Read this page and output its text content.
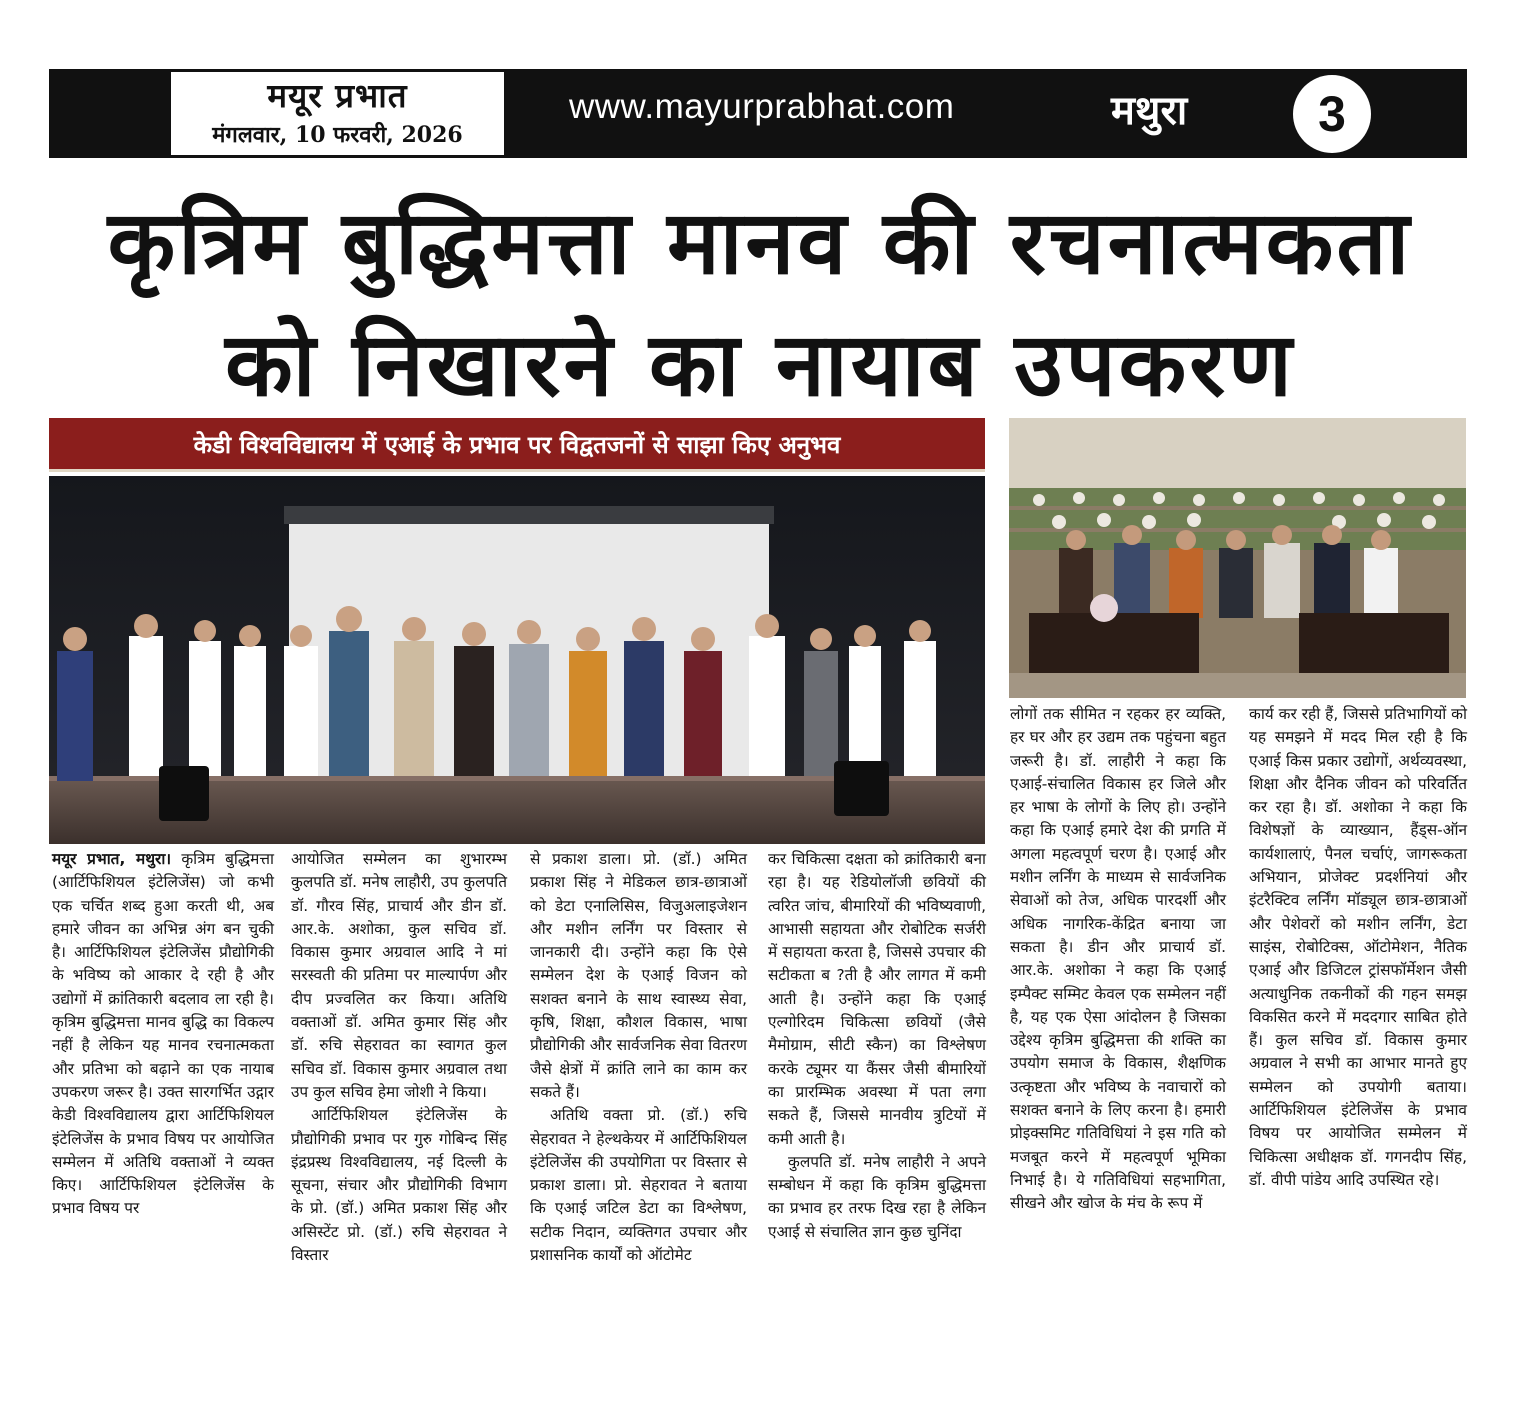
मयूर प्रभात
मंगलवार, 10 फरवरी, 2026
www.mayurprabhat.com	मथुरा	3
कृत्रिम बुद्धिमत्ता मानव की रचनात्मकता
को निखारने का नायाब उपकरण
केडी विश्वविद्यालय में एआई के प्रभाव पर विद्वतजनों से साझा किए अनुभव

मयूर प्रभात, मथुरा। कृत्रिम बुद्धिमत्ता (आर्टिफिशियल इंटेलिजेंस) जो कभी एक चर्चित शब्द हुआ करती थी, अब हमारे जीवन का अभिन्न अंग बन चुकी है। आर्टिफिशियल इंटेलिजेंस प्रौद्योगिकी के भविष्य को आकार दे रही है और उद्योगों में क्रांतिकारी बदलाव ला रही है। कृत्रिम बुद्धिमत्ता मानव बुद्धि का विकल्प नहीं है लेकिन यह मानव रचनात्मकता और प्रतिभा को बढ़ाने का एक नायाब उपकरण जरूर है। उक्त सारगर्भित उद्गार केडी विश्वविद्यालय द्वारा आर्टिफिशियल इंटेलिजेंस के प्रभाव विषय पर आयोजित सम्मेलन में अतिथि वक्ताओं ने व्यक्त किए। आर्टिफिशियल इंटेलिजेंस के प्रभाव विषय पर

आयोजित सम्मेलन का शुभारम्भ कुलपति डॉ. मनेष लाहौरी, उप कुलपति डॉ. गौरव सिंह, प्राचार्य और डीन डॉ. आर.के. अशोका, कुल सचिव डॉ. विकास कुमार अग्रवाल आदि ने मां सरस्वती की प्रतिमा पर माल्यार्पण और दीप प्रज्वलित कर किया। अतिथि वक्ताओं डॉ. अमित कुमार सिंह और डॉ. रुचि सेहरावत का स्वागत कुल सचिव डॉ. विकास कुमार अग्रवाल तथा उप कुल सचिव हेमा जोशी ने किया।

आर्टिफिशियल इंटेलिजेंस के प्रौद्योगिकी प्रभाव पर गुरु गोबिन्द सिंह इंद्रप्रस्थ विश्वविद्यालय, नई दिल्ली के सूचना, संचार और प्रौद्योगिकी विभाग के प्रो. (डॉ.) अमित प्रकाश सिंह और असिस्टेंट प्रो. (डॉ.) रुचि सेहरावत ने विस्तार

से प्रकाश डाला। प्रो. (डॉ.) अमित प्रकाश सिंह ने मेडिकल छात्र-छात्राओं को डेटा एनालिसिस, विजुअलाइजेशन और मशीन लर्निंग पर विस्तार से जानकारी दी। उन्होंने कहा कि ऐसे सम्मेलन देश के एआई विजन को सशक्त बनाने के साथ स्वास्थ्य सेवा, कृषि, शिक्षा, कौशल विकास, भाषा प्रौद्योगिकी और सार्वजनिक सेवा वितरण जैसे क्षेत्रों में क्रांति लाने का काम कर सकते हैं।

अतिथि वक्ता प्रो. (डॉ.) रुचि सेहरावत ने हेल्थकेयर में आर्टिफिशियल इंटेलिजेंस की उपयोगिता पर विस्तार से प्रकाश डाला। प्रो. सेहरावत ने बताया कि एआई जटिल डेटा का विश्लेषण, सटीक निदान, व्यक्तिगत उपचार और प्रशासनिक कार्यों को ऑटोमेट

कर चिकित्सा दक्षता को क्रांतिकारी बना रहा है। यह रेडियोलॉजी छवियों की त्वरित जांच, बीमारियों की भविष्यवाणी, आभासी सहायता और रोबोटिक सर्जरी में सहायता करता है, जिससे उपचार की सटीकता ब ?ती है और लागत में कमी आती है। उन्होंने कहा कि एआई एल्गोरिदम चिकित्सा छवियों (जैसे मैमोग्राम, सीटी स्कैन) का विश्लेषण करके ट्यूमर या कैंसर जैसी बीमारियों का प्रारम्भिक अवस्था में पता लगा सकते हैं, जिससे मानवीय त्रुटियों में कमी आती है।

कुलपति डॉ. मनेष लाहौरी ने अपने सम्बोधन में कहा कि कृत्रिम बुद्धिमत्ता का प्रभाव हर तरफ दिख रहा है लेकिन एआई से संचालित ज्ञान कुछ चुनिंदा

लोगों तक सीमित न रहकर हर व्यक्ति, हर घर और हर उद्यम तक पहुंचना बहुत जरूरी है। डॉ. लाहौरी ने कहा कि एआई-संचालित विकास हर जिले और हर भाषा के लोगों के लिए हो। उन्होंने कहा कि एआई हमारे देश की प्रगति में अगला महत्वपूर्ण चरण है। एआई और मशीन लर्निंग के माध्यम से सार्वजनिक सेवाओं को तेज, अधिक पारदर्शी और अधिक नागरिक-केंद्रित बनाया जा सकता है। डीन और प्राचार्य डॉ. आर.के. अशोका ने कहा कि एआई इम्पैक्ट सम्मिट केवल एक सम्मेलन नहीं है, यह एक ऐसा आंदोलन है जिसका उद्देश्य कृत्रिम बुद्धिमत्ता की शक्ति का उपयोग समाज के विकास, शैक्षणिक उत्कृष्टता और भविष्य के नवाचारों को सशक्त बनाने के लिए करना है। हमारी प्रोइक्समिट गतिविधियां ने इस गति को मजबूत करने में महत्वपूर्ण भूमिका निभाई है। ये गतिविधियां सहभागिता, सीखने और खोज के मंच के रूप में

कार्य कर रही हैं, जिससे प्रतिभागियों को यह समझने में मदद मिल रही है कि एआई किस प्रकार उद्योगों, अर्थव्यवस्था, शिक्षा और दैनिक जीवन को परिवर्तित कर रहा है। डॉ. अशोका ने कहा कि विशेषज्ञों के व्याख्यान, हैंड्स-ऑन कार्यशालाएं, पैनल चर्चाएं, जागरूकता अभियान, प्रोजेक्ट प्रदर्शनियां और इंटरैक्टिव लर्निंग मॉड्यूल छात्र-छात्राओं और पेशेवरों को मशीन लर्निंग, डेटा साइंस, रोबोटिक्स, ऑटोमेशन, नैतिक एआई और डिजिटल ट्रांसफॉर्मेशन जैसी अत्याधुनिक तकनीकों की गहन समझ विकसित करने में मददगार साबित होते हैं। कुल सचिव डॉ. विकास कुमार अग्रवाल ने सभी का आभार मानते हुए सम्मेलन को उपयोगी बताया। आर्टिफिशियल इंटेलिजेंस के प्रभाव विषय पर आयोजित सम्मेलन में चिकित्सा अधीक्षक डॉ. गगनदीप सिंह, डॉ. वीपी पांडेय आदि उपस्थित रहे।
